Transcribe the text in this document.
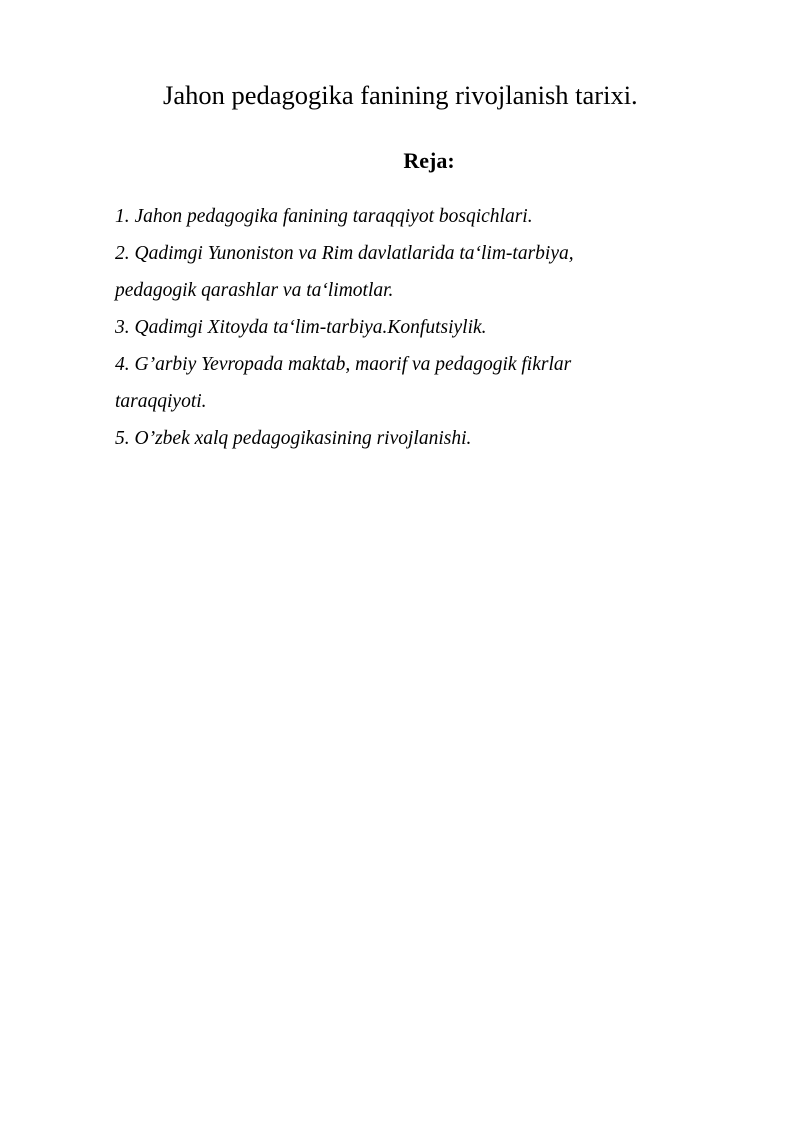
Jahon pedagogika fanining rivojlanish tarixi.
Reja:
1. Jahon pedagogika fanining taraqqiyot bosqichlari.
2. Qadimgi Yunoniston va Rim davlatlarida ta‘lim-tarbiya,
pedagogik qarashlar va ta‘limotlar.
3. Qadimgi Xitoyda ta‘lim-tarbiya.Konfutsiylik.
4. G’arbiy Yevropada maktab, maorif va pedagogik fikrlar
taraqqiyoti.
5. O’zbek xalq pedagogikasining rivojlanishi.
